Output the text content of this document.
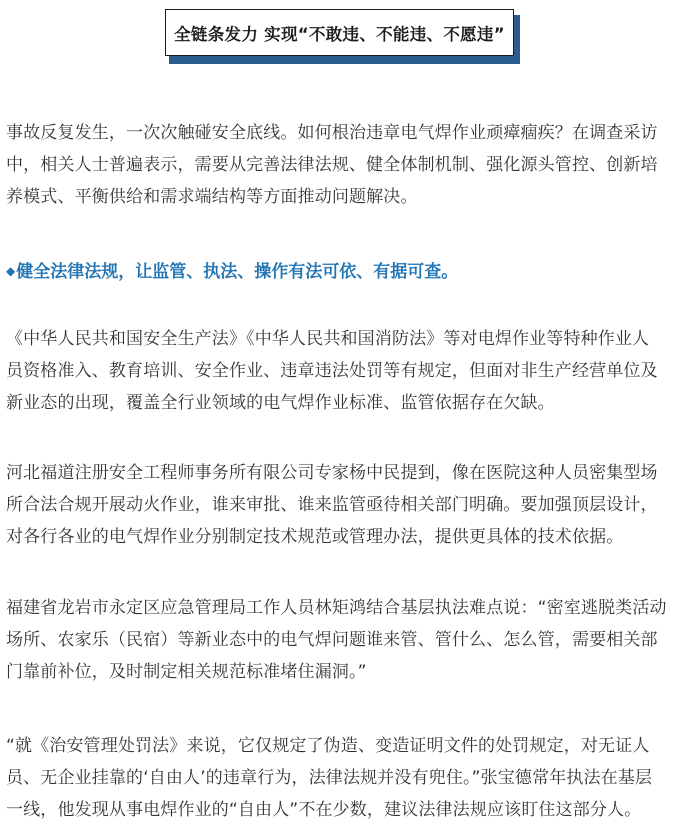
全链条发力 实现“不敢违、不能违、不愿违”

事故反复发生，一次次触碰安全底线。如何根治违章电气焊作业顽瘴痼疾？在调查采访
中，相关人士普遍表示，需要从完善法律法规、健全体制机制、强化源头管控、创新培
养模式、平衡供给和需求端结构等方面推动问题解决。

◆健全法律法规，让监管、执法、操作有法可依、有据可查。

《中华人民共和国安全生产法》《中华人民共和国消防法》等对电焊作业等特种作业人
员资格准入、教育培训、安全作业、违章违法处罚等有规定，但面对非生产经营单位及
新业态的出现，覆盖全行业领域的电气焊作业标准、监管依据存在欠缺。

河北福道注册安全工程师事务所有限公司专家杨中民提到，像在医院这种人员密集型场
所合法合规开展动火作业，谁来审批、谁来监管亟待相关部门明确。要加强顶层设计，
对各行各业的电气焊作业分别制定技术规范或管理办法，提供更具体的技术依据。

福建省龙岩市永定区应急管理局工作人员林矩鸿结合基层执法难点说：“密室逃脱类活动
场所、农家乐（民宿）等新业态中的电气焊问题谁来管、管什么、怎么管，需要相关部
门靠前补位，及时制定相关规范标准堵住漏洞。”

“就《治安管理处罚法》来说，它仅规定了伪造、变造证明文件的处罚规定，对无证人
员、无企业挂靠的‘自由人’的违章行为，法律法规并没有兜住。”张宝德常年执法在基层
一线，他发现从事电焊作业的“自由人”不在少数，建议法律法规应该盯住这部分人。
